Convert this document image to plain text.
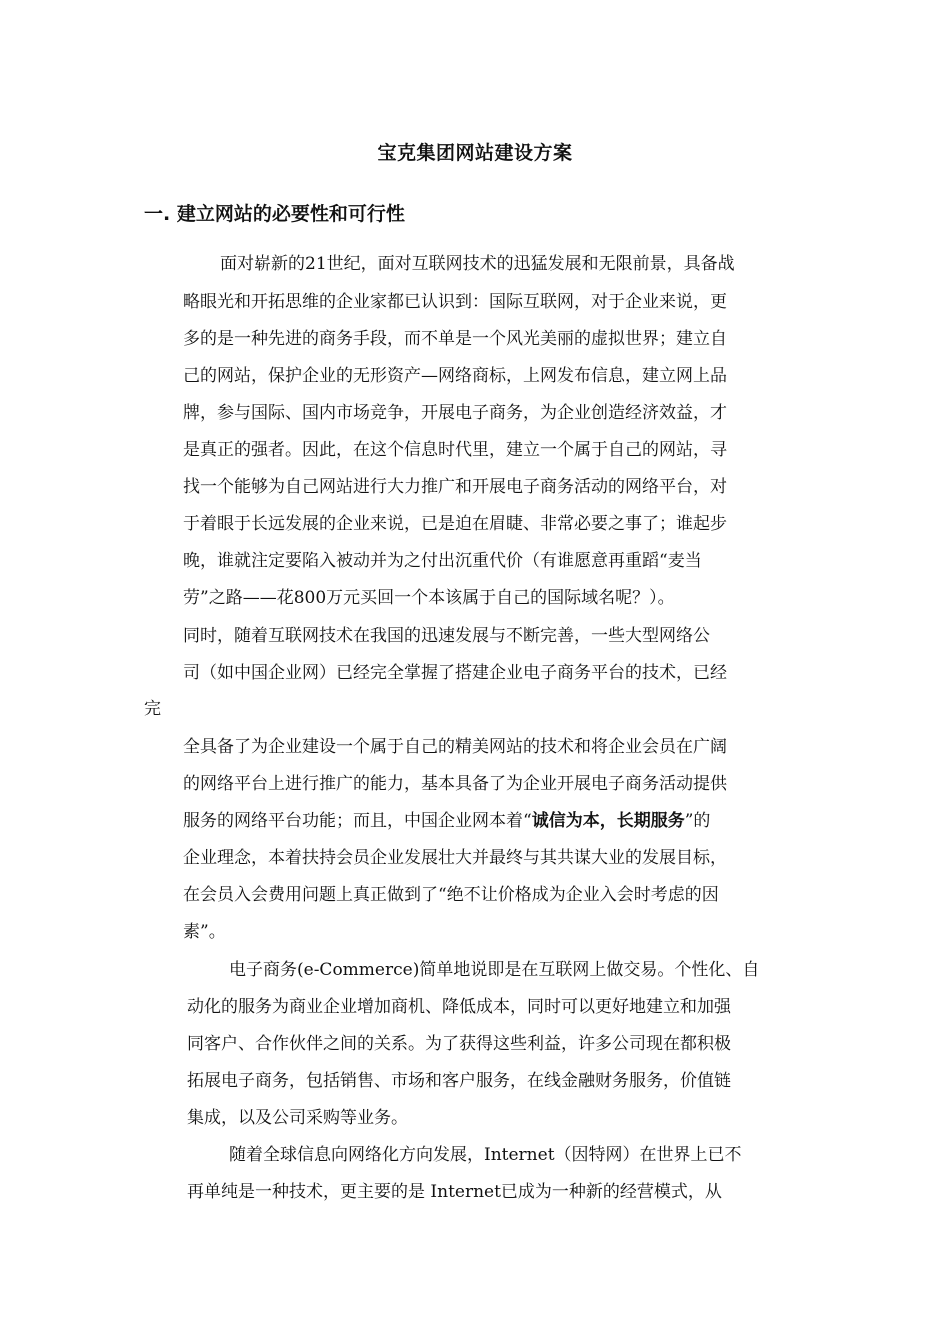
宝克集团网站建设方案
一. 建立网站的必要性和可行性
面对崭新的21世纪，面对互联网技术的迅猛发展和无限前景，具备战
略眼光和开拓思维的企业家都已认识到：国际互联网，对于企业来说，更
多的是一种先进的商务手段，而不单是一个风光美丽的虚拟世界；建立自
己的网站，保护企业的无形资产—网络商标，上网发布信息，建立网上品
牌，参与国际、国内市场竞争，开展电子商务，为企业创造经济效益，才
是真正的强者。因此，在这个信息时代里，建立一个属于自己的网站，寻
找一个能够为自己网站进行大力推广和开展电子商务活动的网络平台，对
于着眼于长远发展的企业来说，已是迫在眉睫、非常必要之事了；谁起步
晚，谁就注定要陷入被动并为之付出沉重代价（有谁愿意再重蹈“麦当
劳”之路——花800万元买回一个本该属于自己的国际域名呢？）。
同时，随着互联网技术在我国的迅速发展与不断完善，一些大型网络公
司（如中国企业网）已经完全掌握了搭建企业电子商务平台的技术，已经
完
全具备了为企业建设一个属于自己的精美网站的技术和将企业会员在广阔
的网络平台上进行推广的能力，基本具备了为企业开展电子商务活动提供
服务的网络平台功能；而且，中国企业网本着“诚信为本，长期服务”的
企业理念，本着扶持会员企业发展壮大并最终与其共谋大业的发展目标，
在会员入会费用问题上真正做到了“绝不让价格成为企业入会时考虑的因
素”。
电子商务(e-Commerce)简单地说即是在互联网上做交易。个性化、自
动化的服务为商业企业增加商机、降低成本，同时可以更好地建立和加强
同客户、合作伙伴之间的关系。为了获得这些利益，许多公司现在都积极
拓展电子商务，包括销售、市场和客户服务，在线金融财务服务，价值链
集成，以及公司采购等业务。
随着全球信息向网络化方向发展，Internet（因特网）在世界上已不
再单纯是一种技术，更主要的是 Internet已成为一种新的经营模式，从
